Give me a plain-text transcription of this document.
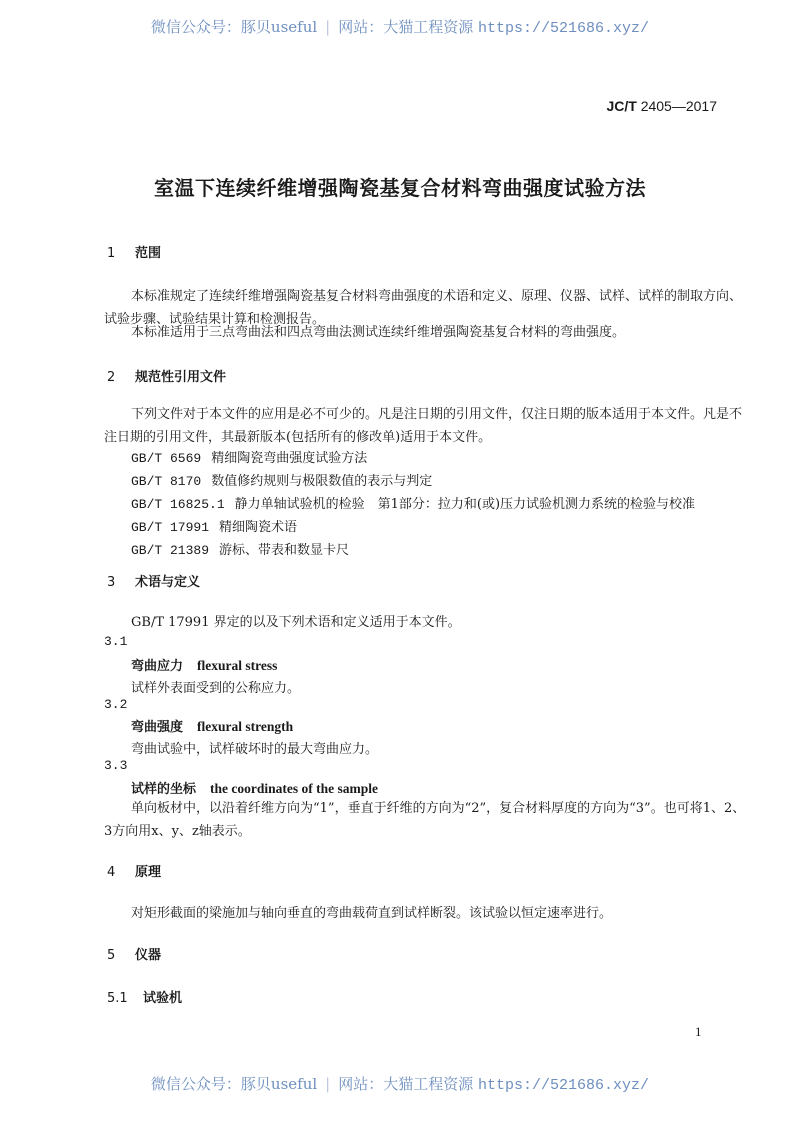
微信公众号：豚贝useful | 网站：大猫工程资源 https://521686.xyz/
JC/T 2405—2017
室温下连续纤维增强陶瓷基复合材料弯曲强度试验方法
1 范围
本标准规定了连续纤维增强陶瓷基复合材料弯曲强度的术语和定义、原理、仪器、试样、试样的制取方向、试验步骤、试验结果计算和检测报告。
本标准适用于三点弯曲法和四点弯曲法测试连续纤维增强陶瓷基复合材料的弯曲强度。
2 规范性引用文件
下列文件对于本文件的应用是必不可少的。凡是注日期的引用文件，仅注日期的版本适用于本文件。凡是不注日期的引用文件，其最新版本(包括所有的修改单)适用于本文件。
GB/T 6569 精细陶瓷弯曲强度试验方法
GB/T 8170 数值修约规则与极限数值的表示与判定
GB/T 16825.1 静力单轴试验机的检验　第1部分：拉力和(或)压力试验机测力系统的检验与校准
GB/T 17991 精细陶瓷术语
GB/T 21389 游标、带表和数显卡尺
3 术语与定义
GB/T 17991 界定的以及下列术语和定义适用于本文件。
3.1
弯曲应力 flexural stress
试样外表面受到的公称应力。
3.2
弯曲强度 flexural strength
弯曲试验中，试样破坏时的最大弯曲应力。
3.3
试样的坐标 the coordinates of the sample
单向板材中，以沿着纤维方向为“1”，垂直于纤维的方向为“2”，复合材料厚度的方向为“3”。也可将1、2、3方向用x、y、z轴表示。
4 原理
对矩形截面的梁施加与轴向垂直的弯曲载荷直到试样断裂。该试验以恒定速率进行。
5 仪器
5.1 试验机
1
微信公众号：豚贝useful | 网站：大猫工程资源 https://521686.xyz/
